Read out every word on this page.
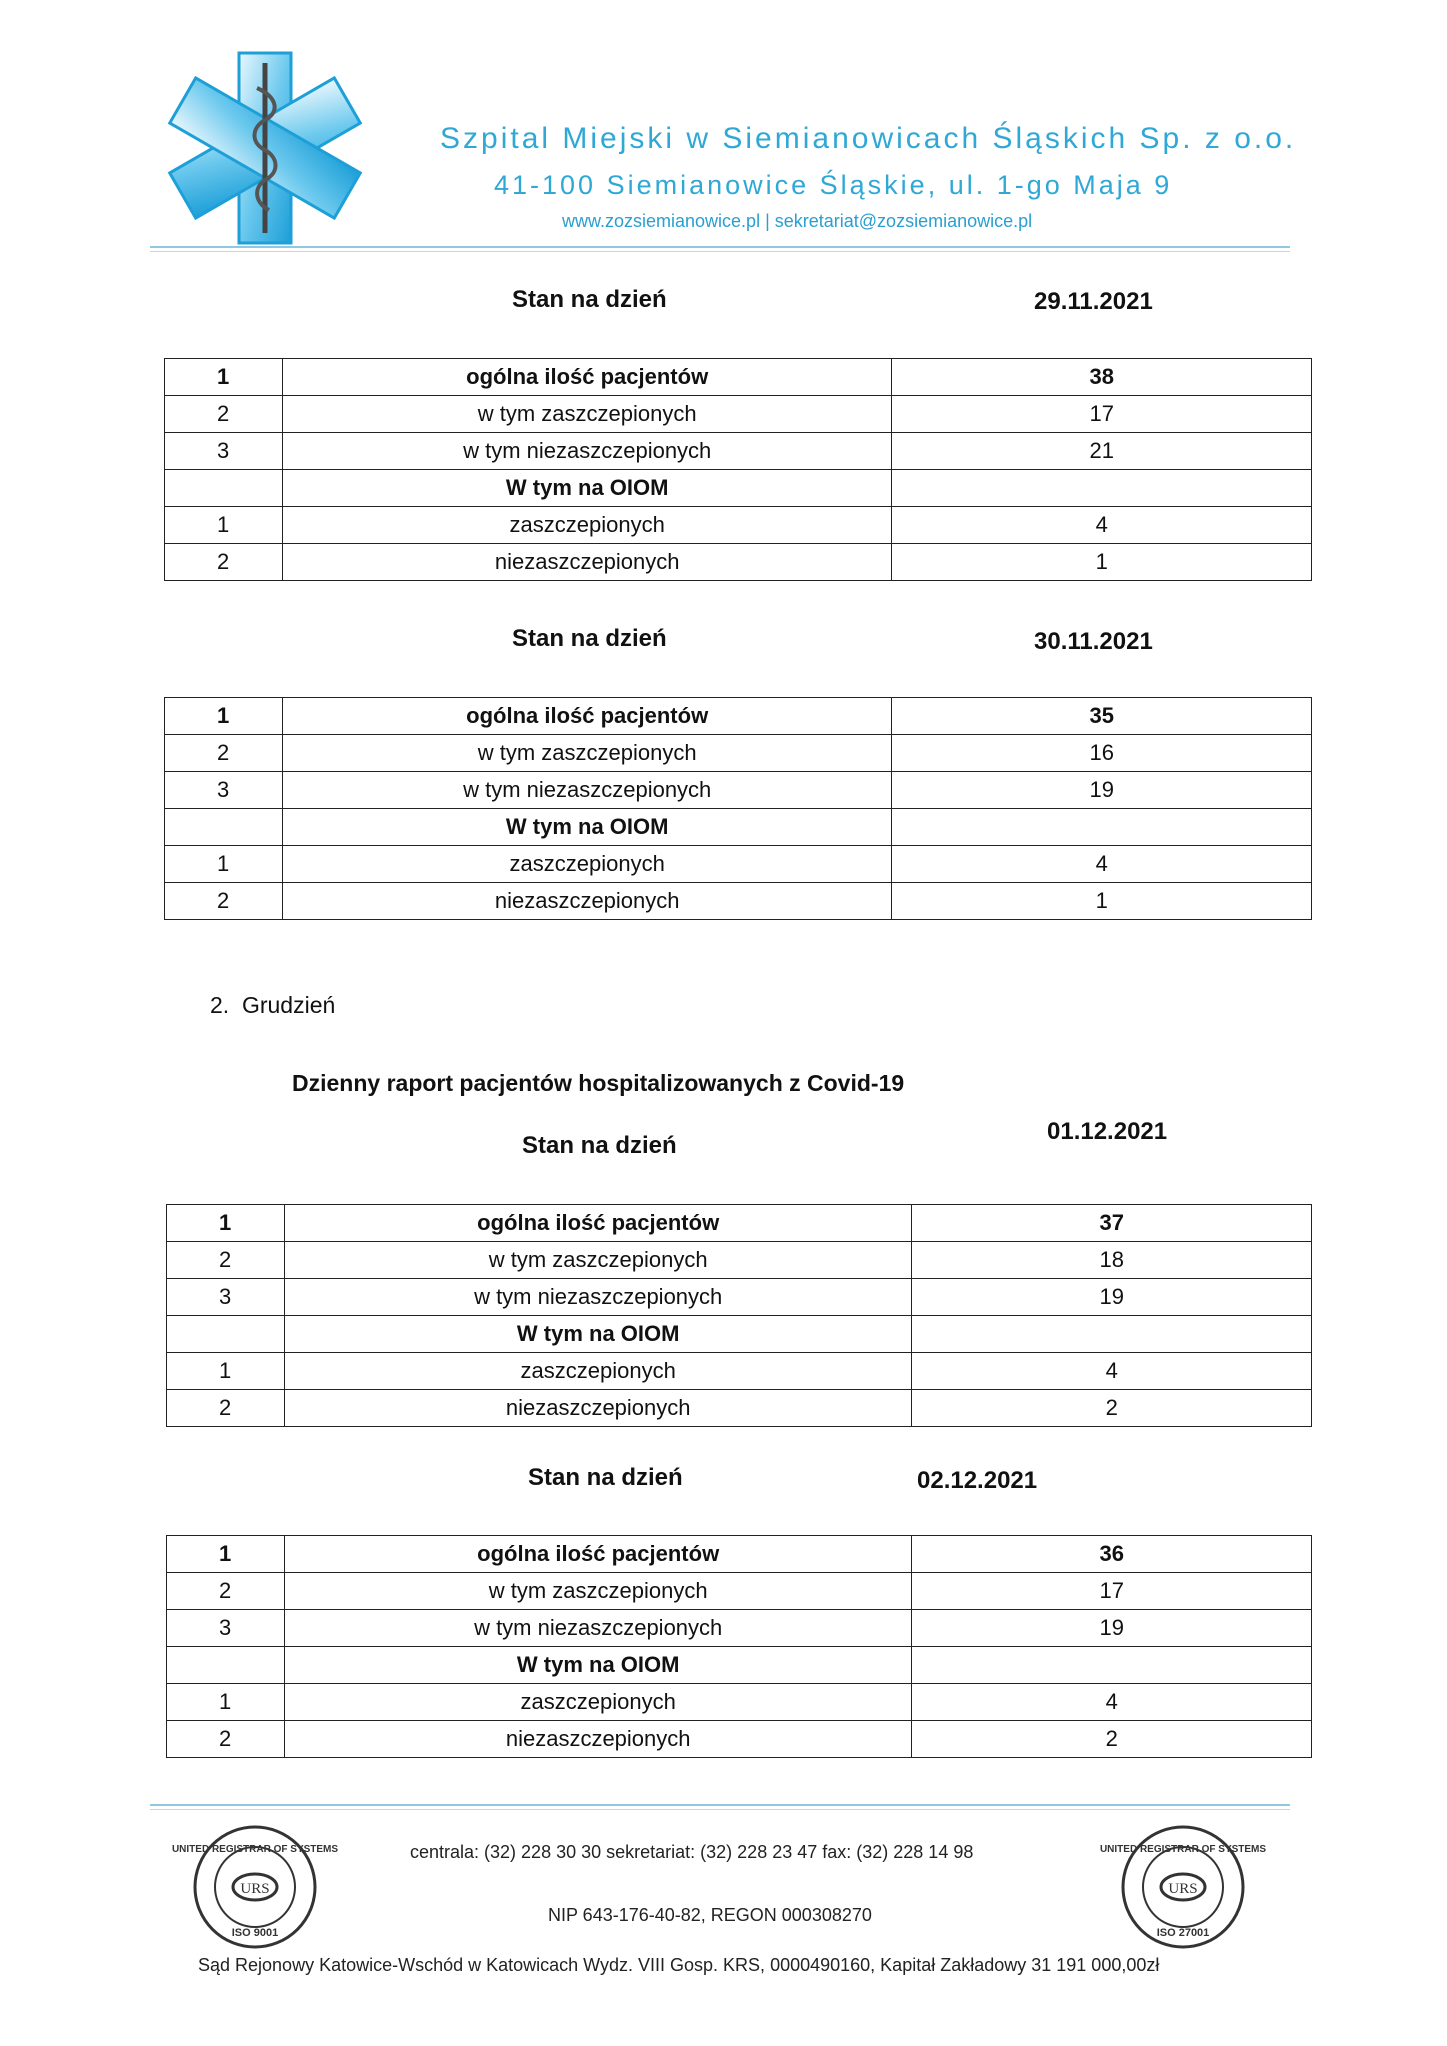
Szpital Miejski w Siemianowicach Śląskich Sp. z o.o.
41-100 Siemianowice Śląskie, ul. 1-go Maja 9
www.zozsiemianowice.pl | sekretariat@zozsiemianowice.pl
Stan na dzień	29.11.2021
1	ogólna ilość pacjentów	38
2	w tym zaszczepionych	17
3	w tym niezaszczepionych	21
	W tym na OIOM	
1	zaszczepionych	4
2	niezaszczepionych	1
Stan na dzień	30.11.2021
1	ogólna ilość pacjentów	35
2	w tym zaszczepionych	16
3	w tym niezaszczepionych	19
	W tym na OIOM	
1	zaszczepionych	4
2	niezaszczepionych	1
2. Grudzień
Dzienny raport pacjentów hospitalizowanych z Covid-19
Stan na dzień
01.12.2021
1	ogólna ilość pacjentów	37
2	w tym zaszczepionych	18
3	w tym niezaszczepionych	19
	W tym na OIOM	
1	zaszczepionych	4
2	niezaszczepionych	2
Stan na dzień	02.12.2021
1	ogólna ilość pacjentów	36
2	w tym zaszczepionych	17
3	w tym niezaszczepionych	19
	W tym na OIOM	
1	zaszczepionych	4
2	niezaszczepionych	2
URS
UNITED REGISTRAR OF SYSTEMS
ISO 9001
URS
UNITED REGISTRAR OF SYSTEMS
ISO 27001
centrala: (32) 228 30 30 sekretariat: (32) 228 23 47 fax: (32) 228 14 98
NIP 643-176-40-82, REGON 000308270
Sąd Rejonowy Katowice-Wschód w Katowicach Wydz. VIII Gosp. KRS, 0000490160, Kapitał Zakładowy 31 191 000,00zł
